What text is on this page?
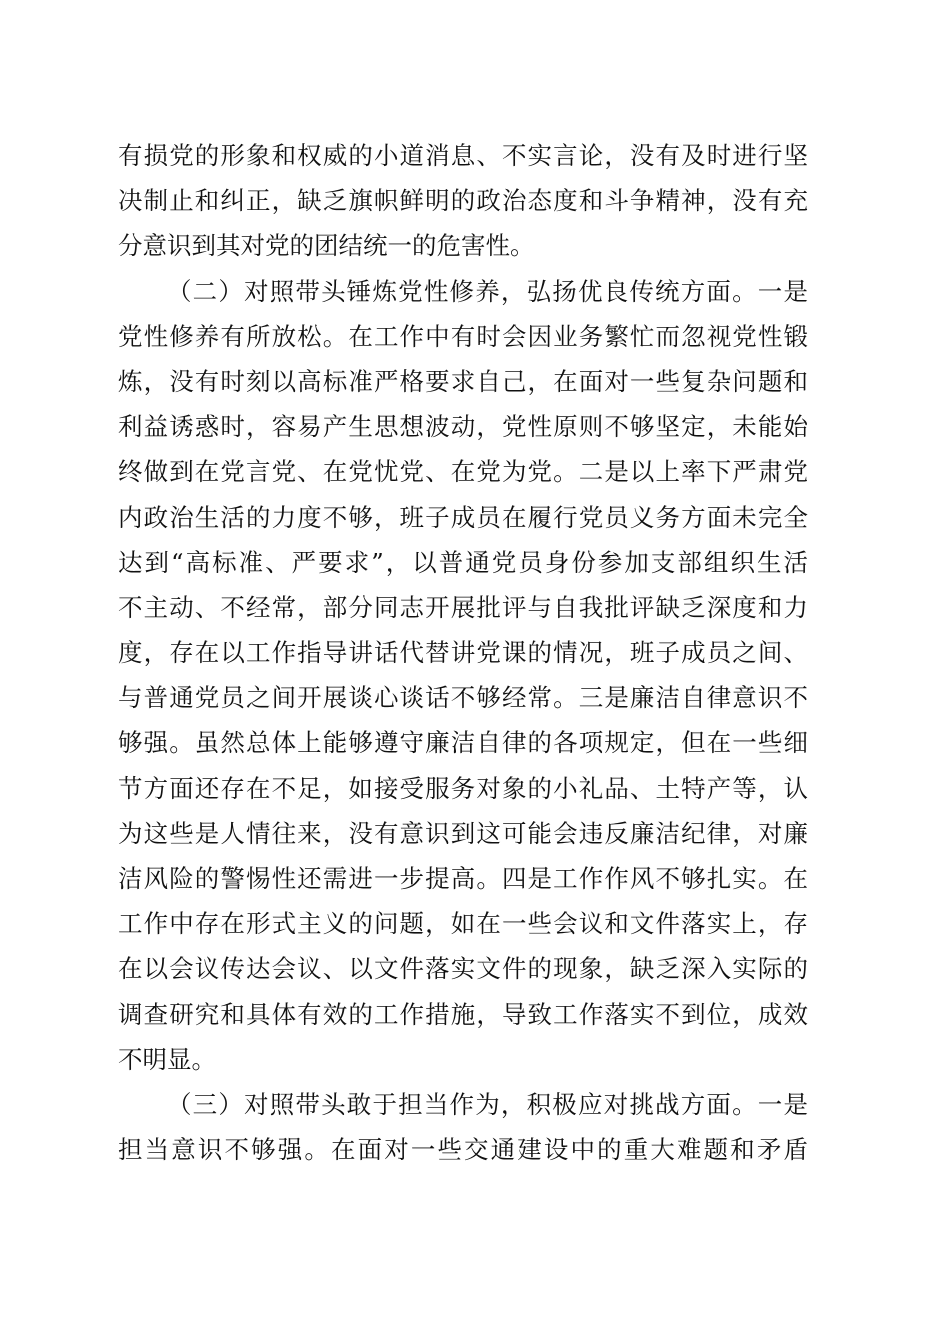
有损党的形象和权威的小道消息、不实言论，没有及时进行坚
决制止和纠正，缺乏旗帜鲜明的政治态度和斗争精神，没有充
分意识到其对党的团结统一的危害性。
（二）对照带头锤炼党性修养，弘扬优良传统方面。一是
党性修养有所放松。在工作中有时会因业务繁忙而忽视党性锻
炼，没有时刻以高标准严格要求自己，在面对一些复杂问题和
利益诱惑时，容易产生思想波动，党性原则不够坚定，未能始
终做到在党言党、在党忧党、在党为党。二是以上率下严肃党
内政治生活的力度不够，班子成员在履行党员义务方面未完全
达到“高标准、严要求”，以普通党员身份参加支部组织生活
不主动、不经常，部分同志开展批评与自我批评缺乏深度和力
度，存在以工作指导讲话代替讲党课的情况，班子成员之间、
与普通党员之间开展谈心谈话不够经常。三是廉洁自律意识不
够强。虽然总体上能够遵守廉洁自律的各项规定，但在一些细
节方面还存在不足，如接受服务对象的小礼品、土特产等，认
为这些是人情往来，没有意识到这可能会违反廉洁纪律，对廉
洁风险的警惕性还需进一步提高。四是工作作风不够扎实。在
工作中存在形式主义的问题，如在一些会议和文件落实上，存
在以会议传达会议、以文件落实文件的现象，缺乏深入实际的
调查研究和具体有效的工作措施，导致工作落实不到位，成效
不明显。
（三）对照带头敢于担当作为，积极应对挑战方面。一是
担当意识不够强。在面对一些交通建设中的重大难题和矛盾
